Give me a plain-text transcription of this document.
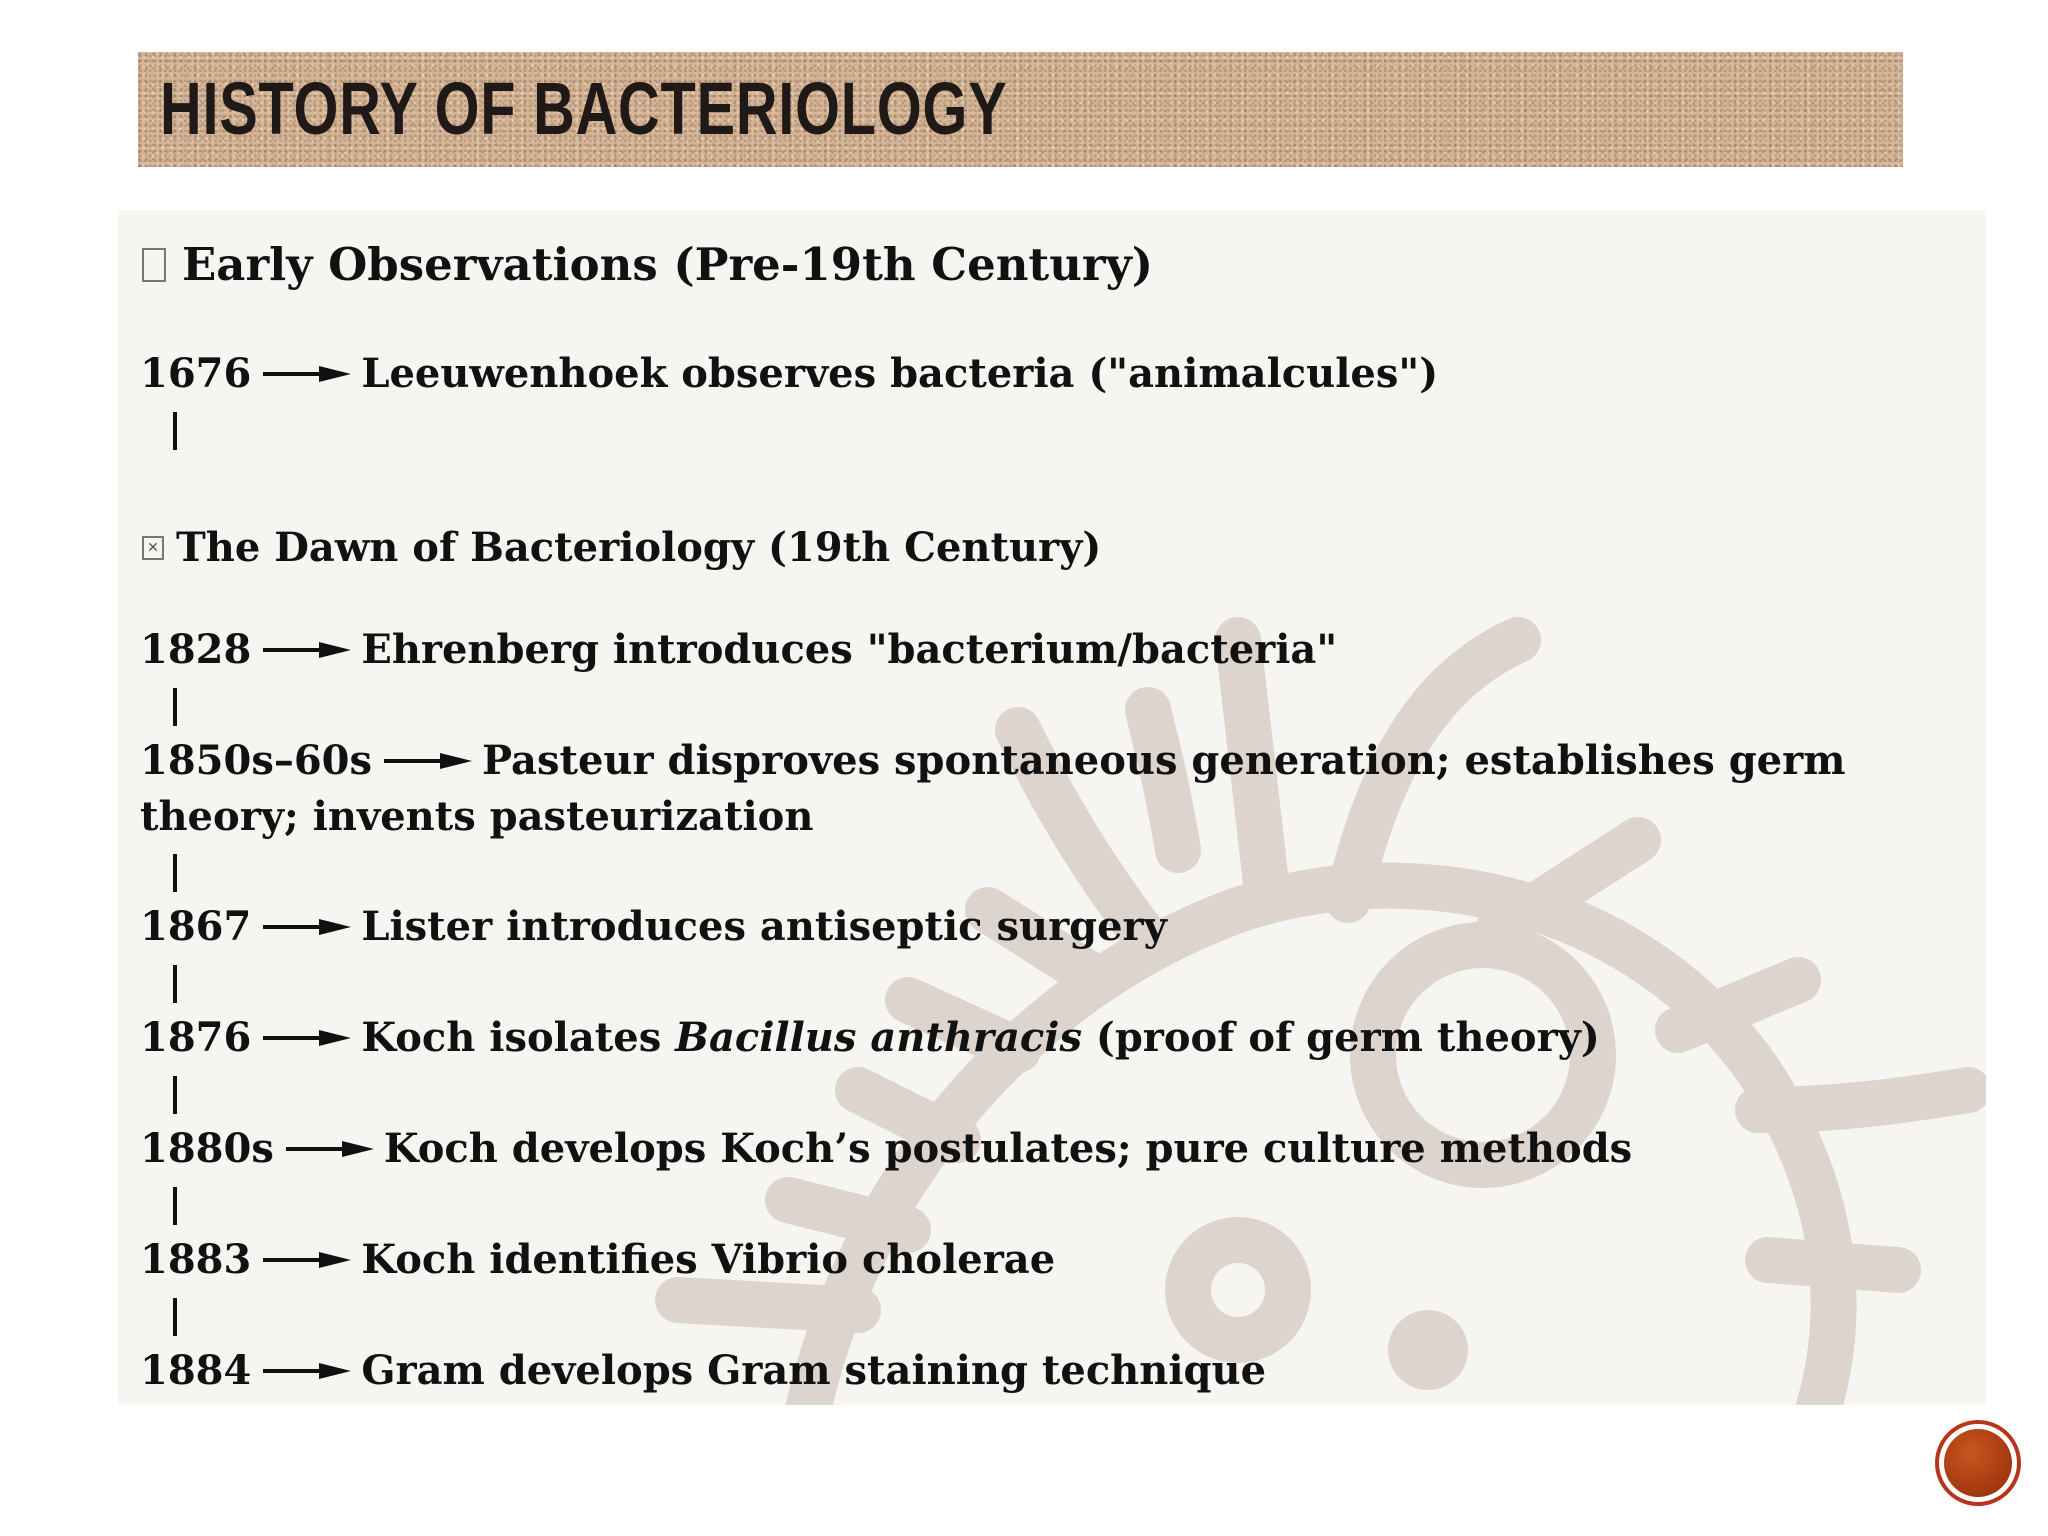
HISTORY OF BACTERIOLOGY
Early Observations (Pre-19th Century)
1676	Leeuwenhoek observes bacteria ("animalcules")
✕ The Dawn of Bacteriology (19th Century)
1828	Ehrenberg introduces "bacterium/bacteria"
1850s–60s	Pasteur disproves spontaneous generation; establishes germ theory; invents pasteurization
1867	Lister introduces antiseptic surgery
1876	Koch isolates Bacillus anthracis (proof of germ theory)
1880s	Koch develops Koch’s postulates; pure culture methods
1883	Koch identifies Vibrio cholerae
1884	Gram develops Gram staining technique
